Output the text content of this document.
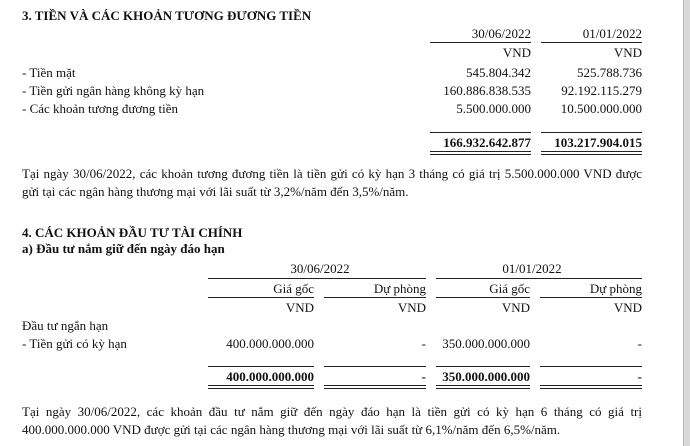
3. TIỀN VÀ CÁC KHOẢN TƯƠNG ĐƯƠNG TIỀN
30/06/2022	01/01/2022
VND	VND
- Tiền mặt	545.804.342	525.788.736
- Tiền gửi ngân hàng không kỳ hạn	160.886.838.535	92.192.115.279
- Các khoản tương đương tiền	5.500.000.000	10.500.000.000
166.932.642.877	103.217.904.015
Tại ngày 30/06/2022, các khoản tương đương tiền là tiền gửi có kỳ hạn 3 tháng có giá trị 5.500.000.000 VND được gửi tại các ngân hàng thương mại với lãi suất từ 3,2%/năm đến 3,5%/năm.
4. CÁC KHOẢN ĐẦU TƯ TÀI CHÍNH
a) Đầu tư nắm giữ đến ngày đáo hạn
30/06/2022	01/01/2022
Giá gốc	Dự phòng	Giá gốc	Dự phòng
VND	VND	VND	VND
Đầu tư ngắn hạn
- Tiền gửi có kỳ hạn	400.000.000.000	-	350.000.000.000	-
400.000.000.000	-	350.000.000.000	-
Tại ngày 30/06/2022, các khoản đầu tư nắm giữ đến ngày đáo hạn là tiền gửi có kỳ hạn 6 tháng có giá trị 400.000.000.000 VND được gửi tại các ngân hàng thương mại với lãi suất từ 6,1%/năm đến 6,5%/năm.
